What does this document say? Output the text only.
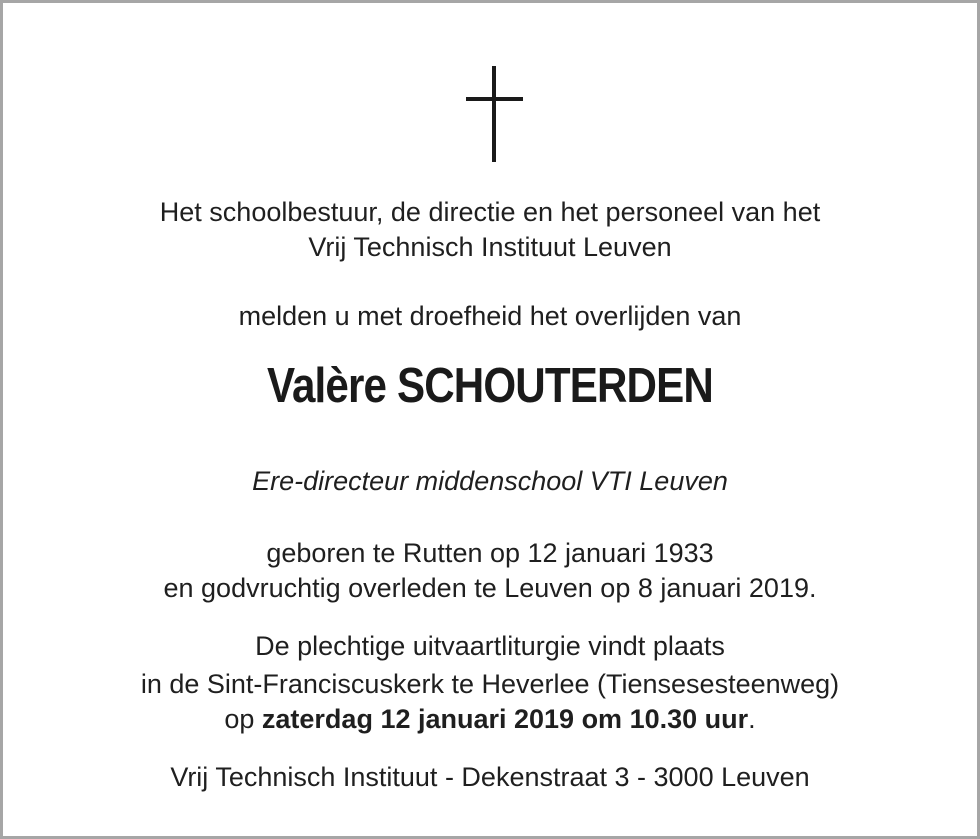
Het schoolbestuur, de directie en het personeel van het
Vrij Technisch Instituut Leuven
melden u met droefheid het overlijden van
Valère SCHOUTERDEN
Ere-directeur middenschool VTI Leuven
geboren te Rutten op 12 januari 1933
en godvruchtig overleden te Leuven op 8 januari 2019.
De plechtige uitvaartliturgie vindt plaats
in de Sint-Franciscuskerk te Heverlee (Tiensesesteenweg)
op zaterdag 12 januari 2019 om 10.30 uur.
Vrij Technisch Instituut - Dekenstraat 3 - 3000 Leuven
